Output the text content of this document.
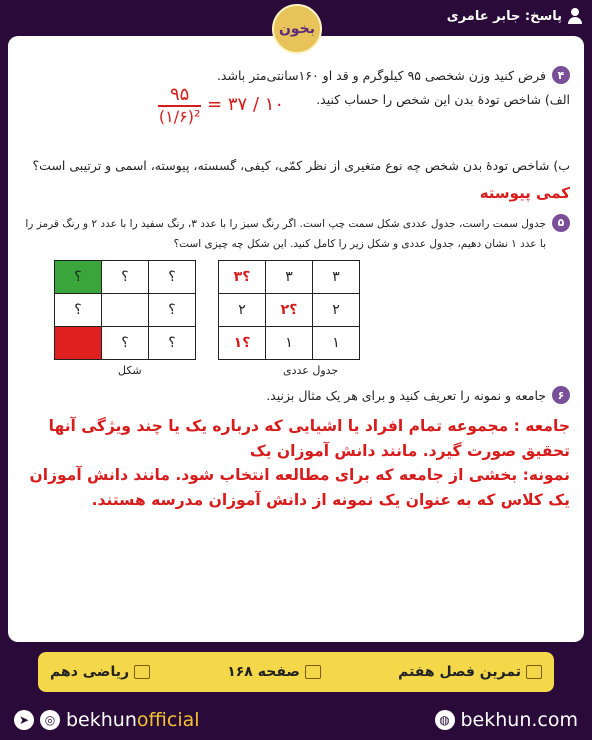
پاسخ: جابر عامری
بخون
۴
فرض کنید وزن شخصی ۹۵ کیلوگرم و قد او ۱۶۰سانتی‌متر باشد.
الف) شاخص تودهٔ بدن این شخص را حساب کنید.
$\frac{۹۵}{\text{(۱/۶)²}}$ = ۳۷ / ۱۰
ب) شاخص تودهٔ بدن شخص چه نوع متغیری از نظر کمّی، کیفی، گسسته، پیوسته، اسمی و ترتیبی است؟
کمی پیوسته
۵
جدول سمت راست، جدول عددی شکل سمت چپ است. اگر رنگ سبز را با عدد ۳، رنگ سفید را با عدد ۲ و رنگ قرمز را با عدد ۱ نشان دهیم، جدول عددی و شکل زیر را کامل کنید. این شکل چه چیزی است؟
۳؟	۳	۳
۲	۲؟	۲
۱؟	۱	۱
جدول عددی
؟	؟	؟
؟		؟
	؟	؟
شکل
۶
جامعه و نمونه را تعریف کنید و برای هر یک مثال بزنید.
جامعه : مجموعه تمام افراد یا اشیایی که درباره یک یا چند ویژگی آنها تحقیق صورت گیرد. مانند دانش آموزان یک
نمونه: بخشی از جامعه که برای مطالعه انتخاب شود. مانند دانش آموزان یک کلاس که به عنوان یک نمونه از دانش آموزان مدرسه هستند.
تمرین فصل هفتم
صفحه ۱۶۸
ریاضی دهم
➤	◎ bekhunofficial	◍ bekhun.com
